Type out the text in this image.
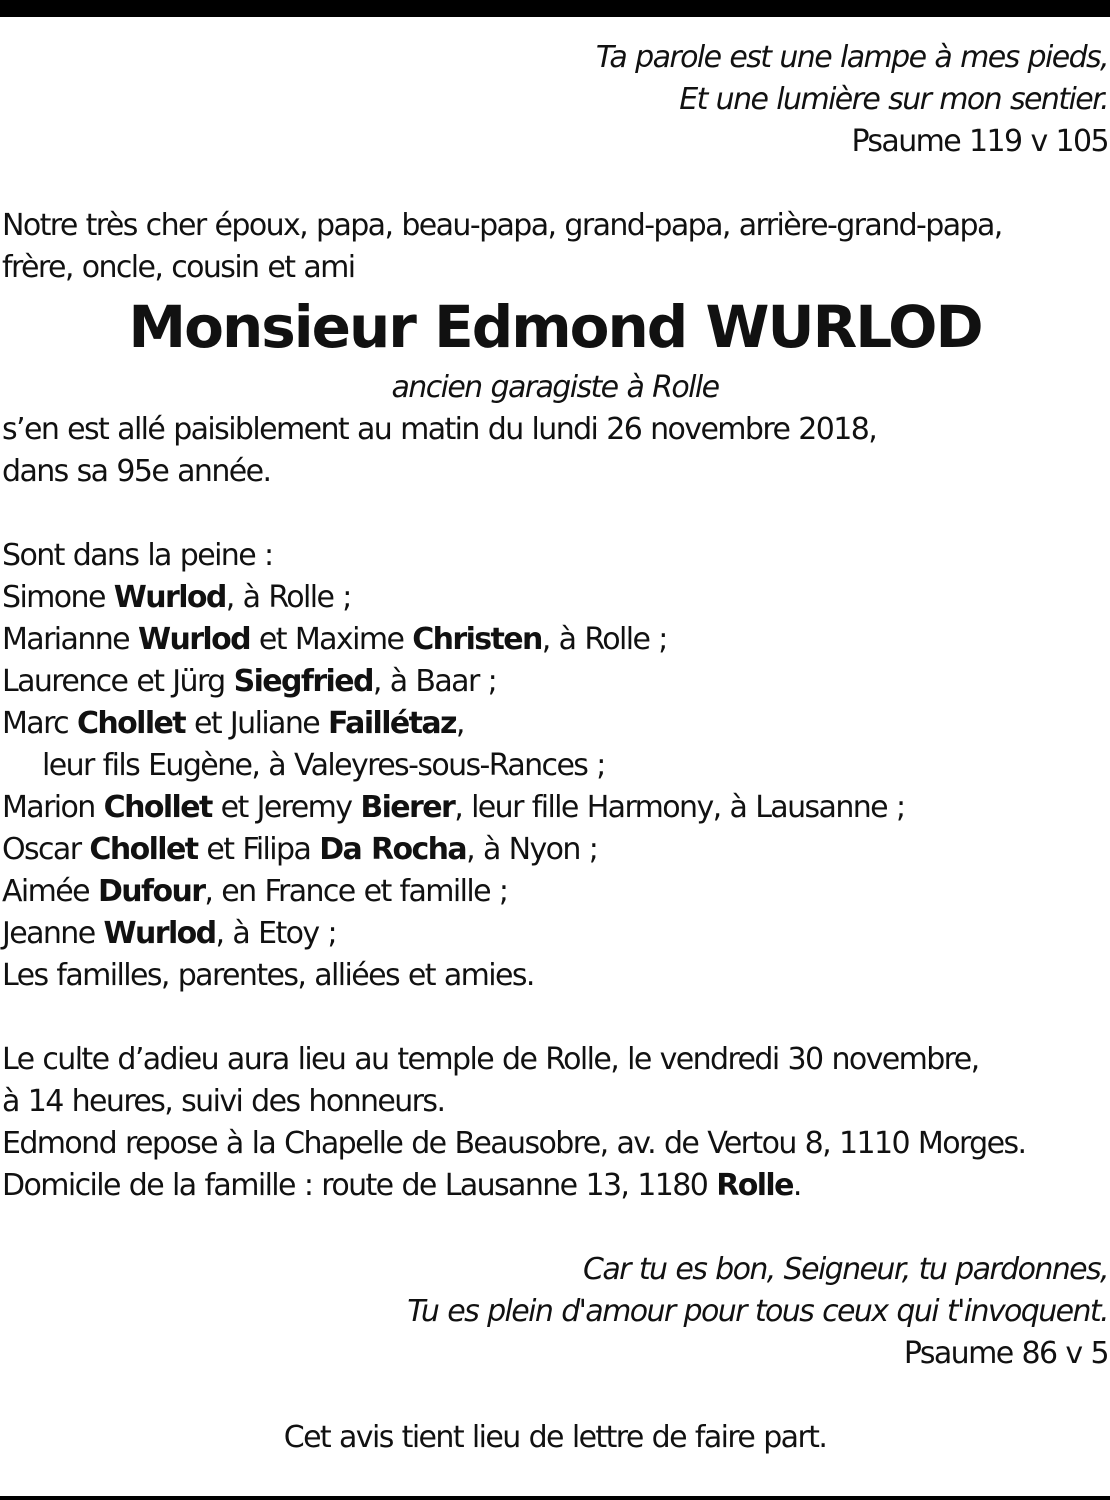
Ta parole est une lampe à mes pieds,
Et une lumière sur mon sentier.
Psaume 119 v 105
Notre très cher époux, papa, beau-papa, grand-papa, arrière-grand-papa,
frère, oncle, cousin et ami
Monsieur Edmond WURLOD
ancien garagiste à Rolle
s’en est allé paisiblement au matin du lundi 26 novembre 2018,
dans sa 95e année.
Sont dans la peine :
Simone Wurlod, à Rolle ;
Marianne Wurlod et Maxime Christen, à Rolle ;
Laurence et Jürg Siegfried, à Baar ;
Marc Chollet et Juliane Faillétaz,
leur fils Eugène, à Valeyres-sous-Rances ;
Marion Chollet et Jeremy Bierer, leur fille Harmony, à Lausanne ;
Oscar Chollet et Filipa Da Rocha, à Nyon ;
Aimée Dufour, en France et famille ;
Jeanne Wurlod, à Etoy ;
Les familles, parentes, alliées et amies.
Le culte d’adieu aura lieu au temple de Rolle, le vendredi 30 novembre,
à 14 heures, suivi des honneurs.
Edmond repose à la Chapelle de Beausobre, av. de Vertou 8, 1110 Morges.
Domicile de la famille : route de Lausanne 13, 1180 Rolle.
Car tu es bon, Seigneur, tu pardonnes,
Tu es plein d'amour pour tous ceux qui t'invoquent.
Psaume 86 v 5
Cet avis tient lieu de lettre de faire part.
